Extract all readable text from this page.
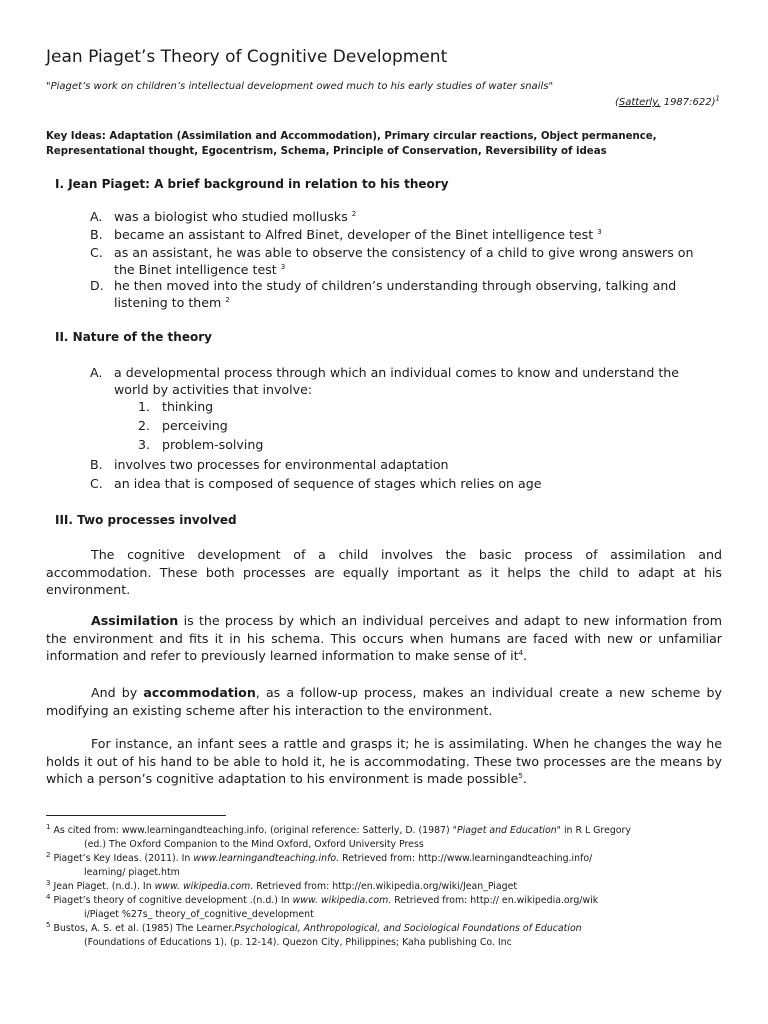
Jean Piaget’s Theory of Cognitive Development
"Piaget’s work on children’s intellectual development owed much to his early studies of water snails"
(Satterly, 1987:622)$^1$
Key Ideas: Adaptation (Assimilation and Accommodation), Primary circular reactions, Object permanence, Representational thought, Egocentrism, Schema, Principle of Conservation, Reversibility of ideas
I. Jean Piaget: A brief background in relation to his theory
A. was a biologist who studied mollusks $^2$
B. became an assistant to Alfred Binet, developer of the Binet intelligence test $^3$
C. as an assistant, he was able to observe the consistency of a child to give wrong answers on the Binet intelligence test $^3$
D. he then moved into the study of children’s understanding through observing, talking and listening to them $^2$
II. Nature of the theory
A. a developmental process through which an individual comes to know and understand the world by activities that involve:
1. thinking
2. perceiving
3. problem-solving
B. involves two processes for environmental adaptation
C. an idea that is composed of sequence of stages which relies on age
III. Two processes involved
The cognitive development of a child involves the basic process of assimilation and accommodation. These both processes are equally important as it helps the child to adapt at his environment.
Assimilation is the process by which an individual perceives and adapt to new information from the environment and fits it in his schema. This occurs when humans are faced with new or unfamiliar information and refer to previously learned information to make sense of $it^4$.
And by accommodation, as a follow-up process, makes an individual create a new scheme by modifying an existing scheme after his interaction to the environment.
For instance, an infant sees a rattle and grasps it; he is assimilating. When he changes the way he holds it out of his hand to be able to hold it, he is accommodating. These two processes are the means by which a person’s cognitive adaptation to his environment is made possible$^5$.
$^1$ As cited from: www.learningandteaching.info. (original reference: Satterly, D. (1987) "Piaget and Education" in R L Gregory
(ed.) The Oxford Companion to the Mind Oxford, Oxford University Press
$^2$ Piaget’s Key Ideas. (2011). In www.learningandteaching.info. Retrieved from: http://www.learningandteaching.info/
learning/ piaget.htm
$^3$ Jean Piaget. (n.d.). In www. wikipedia.com. Retrieved from: http://en.wikipedia.org/wiki/Jean_Piaget
$^4$ Piaget’s theory of cognitive development .(n.d.) In www. wikipedia.com. Retrieved from: http:// en.wikipedia.org/wik
i/Piaget %27s_ theory_of_cognitive_development
$^5$ Bustos, A. S. et al. (1985) The Learner.Psychological, Anthropological, and Sociological Foundations of Education
(Foundations of Educations 1). (p. 12-14). Quezon City, Philippines; Kaha publishing Co. Inc
